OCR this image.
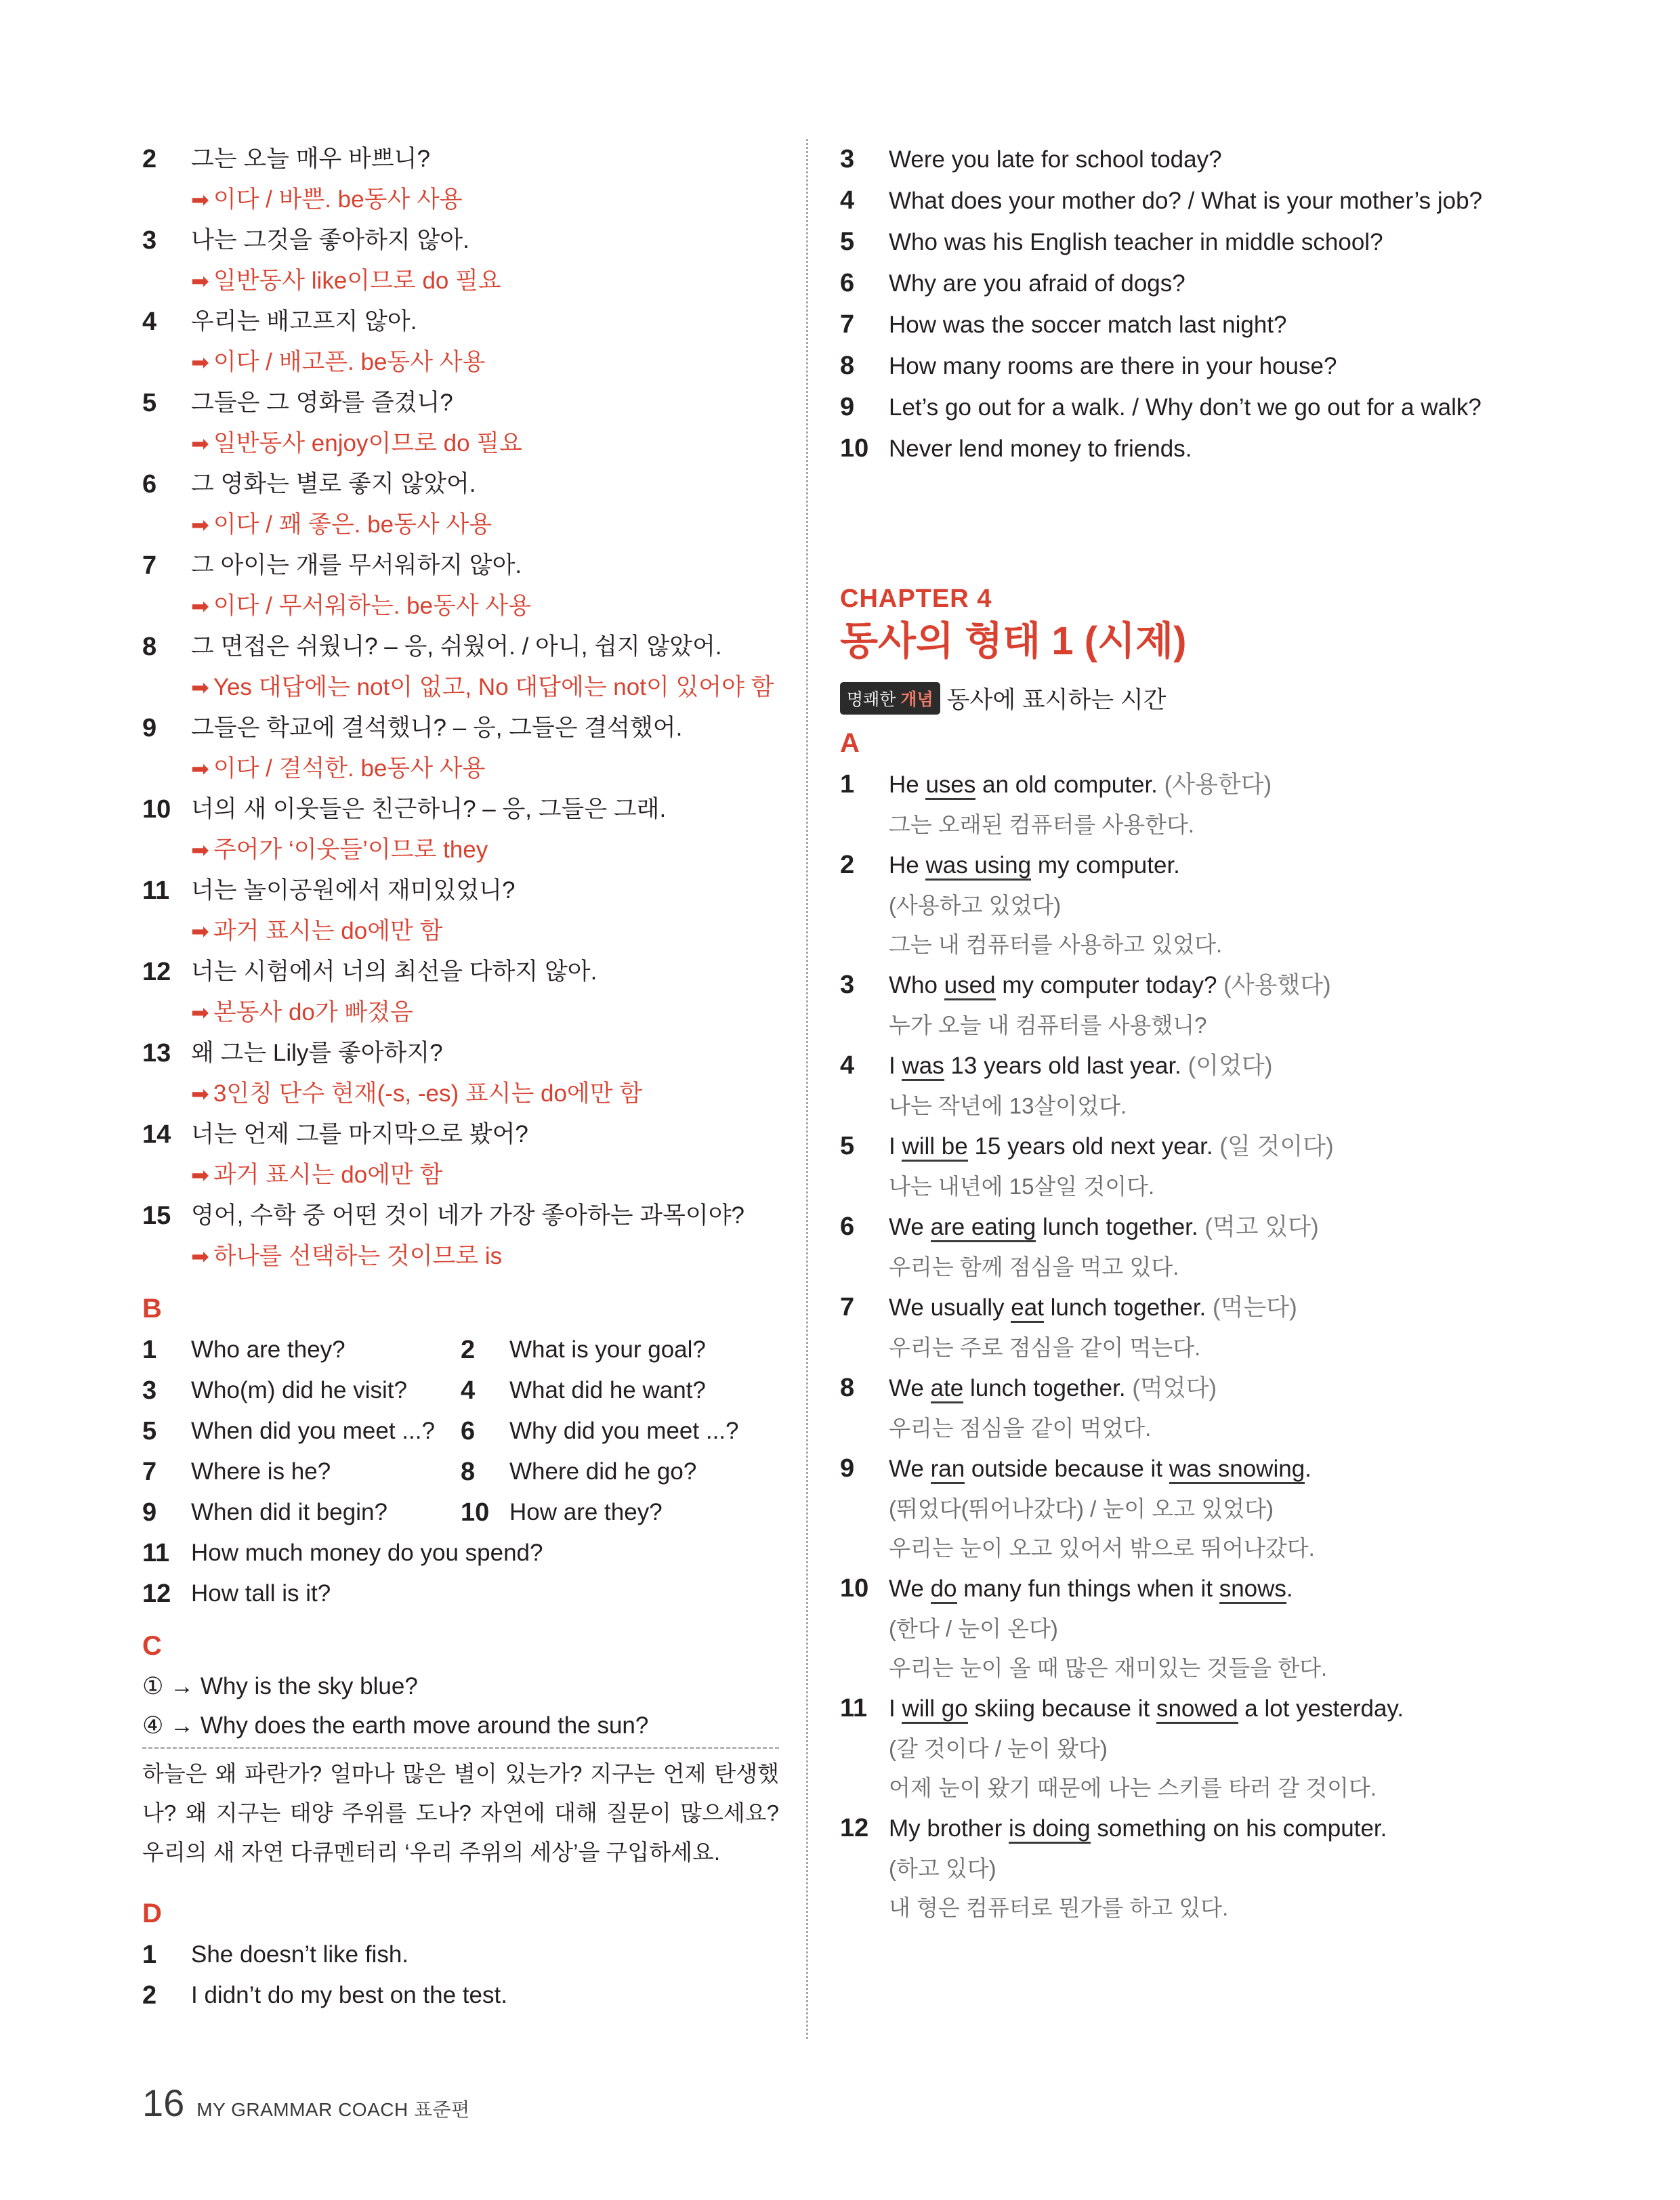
2 그는 오늘 매우 바쁘니?
➡ 이다 / 바쁜. be동사 사용
3 나는 그것을 좋아하지 않아.
➡ 일반동사 like이므로 do 필요
4 우리는 배고프지 않아.
➡ 이다 / 배고픈. be동사 사용
5 그들은 그 영화를 즐겼니?
➡ 일반동사 enjoy이므로 do 필요
6 그 영화는 별로 좋지 않았어.
➡ 이다 / 꽤 좋은. be동사 사용
7 그 아이는 개를 무서워하지 않아.
➡ 이다 / 무서워하는. be동사 사용
8 그 면접은 쉬웠니? – 응, 쉬웠어. / 아니, 쉽지 않았어.
➡ Yes 대답에는 not이 없고, No 대답에는 not이 있어야 함
9 그들은 학교에 결석했니? – 응, 그들은 결석했어.
➡ 이다 / 결석한. be동사 사용
10 너의 새 이웃들은 친근하니? – 응, 그들은 그래.
➡ 주어가 ‘이웃들’이므로 they
11 너는 놀이공원에서 재미있었니?
➡ 과거 표시는 do에만 함
12 너는 시험에서 너의 최선을 다하지 않아.
➡ 본동사 do가 빠졌음
13 왜 그는 Lily를 좋아하지?
➡ 3인칭 단수 현재(-s, -es) 표시는 do에만 함
14 너는 언제 그를 마지막으로 봤어?
➡ 과거 표시는 do에만 함
15 영어, 수학 중 어떤 것이 네가 가장 좋아하는 과목이야?
➡ 하나를 선택하는 것이므로 is
B
1 Who are they?	2 What is your goal?
3 Who(m) did he visit?	4 What did he want?
5 When did you meet ...?	6 Why did you meet ...?
7 Where is he?	8 Where did he go?
9 When did it begin?	10 How are they?
11 How much money do you spend?
12 How tall is it?
C
① → Why is the sky blue?
④ → Why does the earth move around the sun?
하늘은 왜 파란가? 얼마나 많은 별이 있는가? 지구는 언제 탄생했나? 왜 지구는 태양 주위를 도나? 자연에 대해 질문이 많으세요? 우리의 새 자연 다큐멘터리 ‘우리 주위의 세상’을 구입하세요.
D
1 She doesn’t like fish.
2 I didn’t do my best on the test.
3 Were you late for school today?
4 What does your mother do? / What is your mother’s job?
5 Who was his English teacher in middle school?
6 Why are you afraid of dogs?
7 How was the soccer match last night?
8 How many rooms are there in your house?
9 Let’s go out for a walk. / Why don’t we go out for a walk?
10 Never lend money to friends.
CHAPTER 4
동사의 형태 1 (시제)
명쾌한 개념 동사에 표시하는 시간
A
1 He uses an old computer. (사용한다)
그는 오래된 컴퓨터를 사용한다.
2 He was using my computer.
(사용하고 있었다)
그는 내 컴퓨터를 사용하고 있었다.
3 Who used my computer today? (사용했다)
누가 오늘 내 컴퓨터를 사용했니?
4 I was 13 years old last year. (이었다)
나는 작년에 13살이었다.
5 I will be 15 years old next year. (일 것이다)
나는 내년에 15살일 것이다.
6 We are eating lunch together. (먹고 있다)
우리는 함께 점심을 먹고 있다.
7 We usually eat lunch together. (먹는다)
우리는 주로 점심을 같이 먹는다.
8 We ate lunch together. (먹었다)
우리는 점심을 같이 먹었다.
9 We ran outside because it was snowing.
(뛰었다(뛰어나갔다) / 눈이 오고 있었다)
우리는 눈이 오고 있어서 밖으로 뛰어나갔다.
10 We do many fun things when it snows.
(한다 / 눈이 온다)
우리는 눈이 올 때 많은 재미있는 것들을 한다.
11 I will go skiing because it snowed a lot yesterday.
(갈 것이다 / 눈이 왔다)
어제 눈이 왔기 때문에 나는 스키를 타러 갈 것이다.
12 My brother is doing something on his computer.
(하고 있다)
내 형은 컴퓨터로 뭔가를 하고 있다.
16 MY GRAMMAR COACH 표준편
